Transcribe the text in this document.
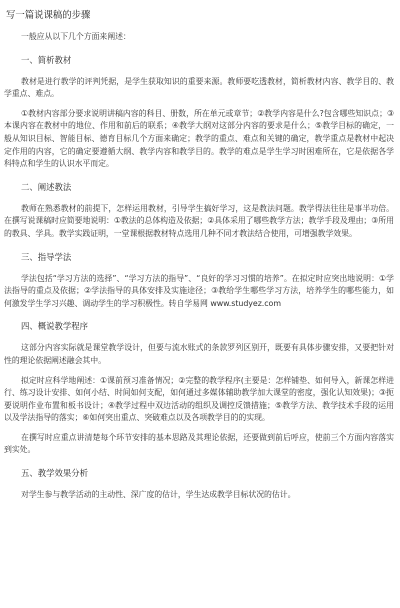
写一篇说课稿的步骤

一般应从以下几个方面来阐述：

一、简析教材

教材是进行教学的评判凭据，是学生获取知识的重要来源。教师要吃透教材，简析教材内容、教学目的、教学重点、难点。

①教材内容部分要求说明讲稿内容的科目、册数，所在单元或章节；②教学内容是什么?包含哪些知识点；③本课内容在教材中的地位、作用和前后的联系；④教学大纲对这部分内容的要求是什么；⑤教学目标的确定，一般从知识目标、智能目标、德育目标几个方面来确定；教学的重点、难点和关键的确定，教学重点是教材中起决定作用的内容，它的确定要遵循大纲、教学内容和教学目的。教学的难点是学生学习时困难所在，它是依据各学科特点和学生的认识水平而定。

二、阐述教法

教师在熟悉教材的前提下，怎样运用教材，引导学生搞好学习，这是教法问题。教学得法往往是事半功倍。在撰写说课稿时应简要地说明：①教法的总体构造及依据；②具体采用了哪些教学方法；教学手段及理由；③所用的教具、学具。教学实践证明，一堂课根据教材特点选用几种不同才教法结合使用，可增强教学效果。

三、指导学法

学法包括“学习方法的选择”、“学习方法的指导”、“良好的学习习惯的培养”。在拟定时应突出地说明：①学法指导的重点及依据；②学法指导的具体安排及实施途径；③教给学生哪些学习方法，培养学生的哪些能力，如何激发学生学习兴趣、调动学生的学习积极性。转自学易网 www.studyez.com

四、概说教学程序

这部分内容实际就是课堂教学设计，但要与流水账式的条款罗列区别开，既要有具体步骤安排，又要把针对性的理论依据阐述融会其中。

拟定时应科学地阐述：①课前预习准备情况；②完整的教学程序(主要是：怎样铺垫、如何导入，新课怎样进行、练习设计安排、如何小结、时间如何支配，如何通过多媒体辅助教学加大课堂的密度，强化认知效果)；③扼要说明作业布置和板书设计；④教学过程中双边活动的组织及调控反馈措施；⑤教学方法、教学技术手段的运用以及学法指导的落实；⑥如何突出重点、突破难点以及各项教学目的的实现。

在撰写时应重点讲清楚每个环节安排的基本思路及其理论依据，还要做到前后呼应，使前三个方面内容落实到实处。

五、教学效果分析

对学生参与教学活动的主动性、深广度的估计，学生达成教学目标状况的估计。
